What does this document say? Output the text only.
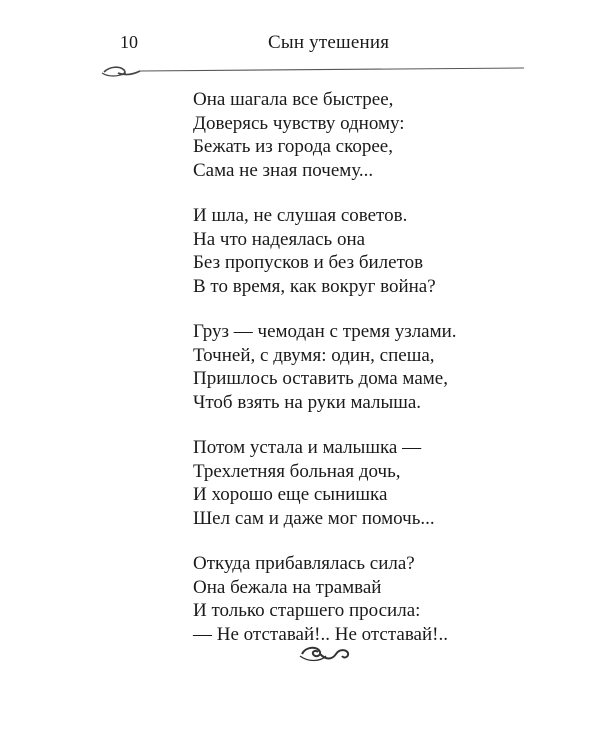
10	Сын утешения
Она шагала все быстрее,
Доверясь чувству одному:
Бежать из города скорее,
Сама не зная почему...
И шла, не слушая советов.
На что надеялась она
Без пропусков и без билетов
В то время, как вокруг война?
Груз — чемодан с тремя узлами.
Точней, с двумя: один, спеша,
Пришлось оставить дома маме,
Чтоб взять на руки малыша.
Потом устала и малышка —
Трехлетняя больная дочь,
И хорошо еще сынишка
Шел сам и даже мог помочь...
Откуда прибавлялась сила?
Она бежала на трамвай
И только старшего просила:
— Не отставай!.. Не отставай!..
